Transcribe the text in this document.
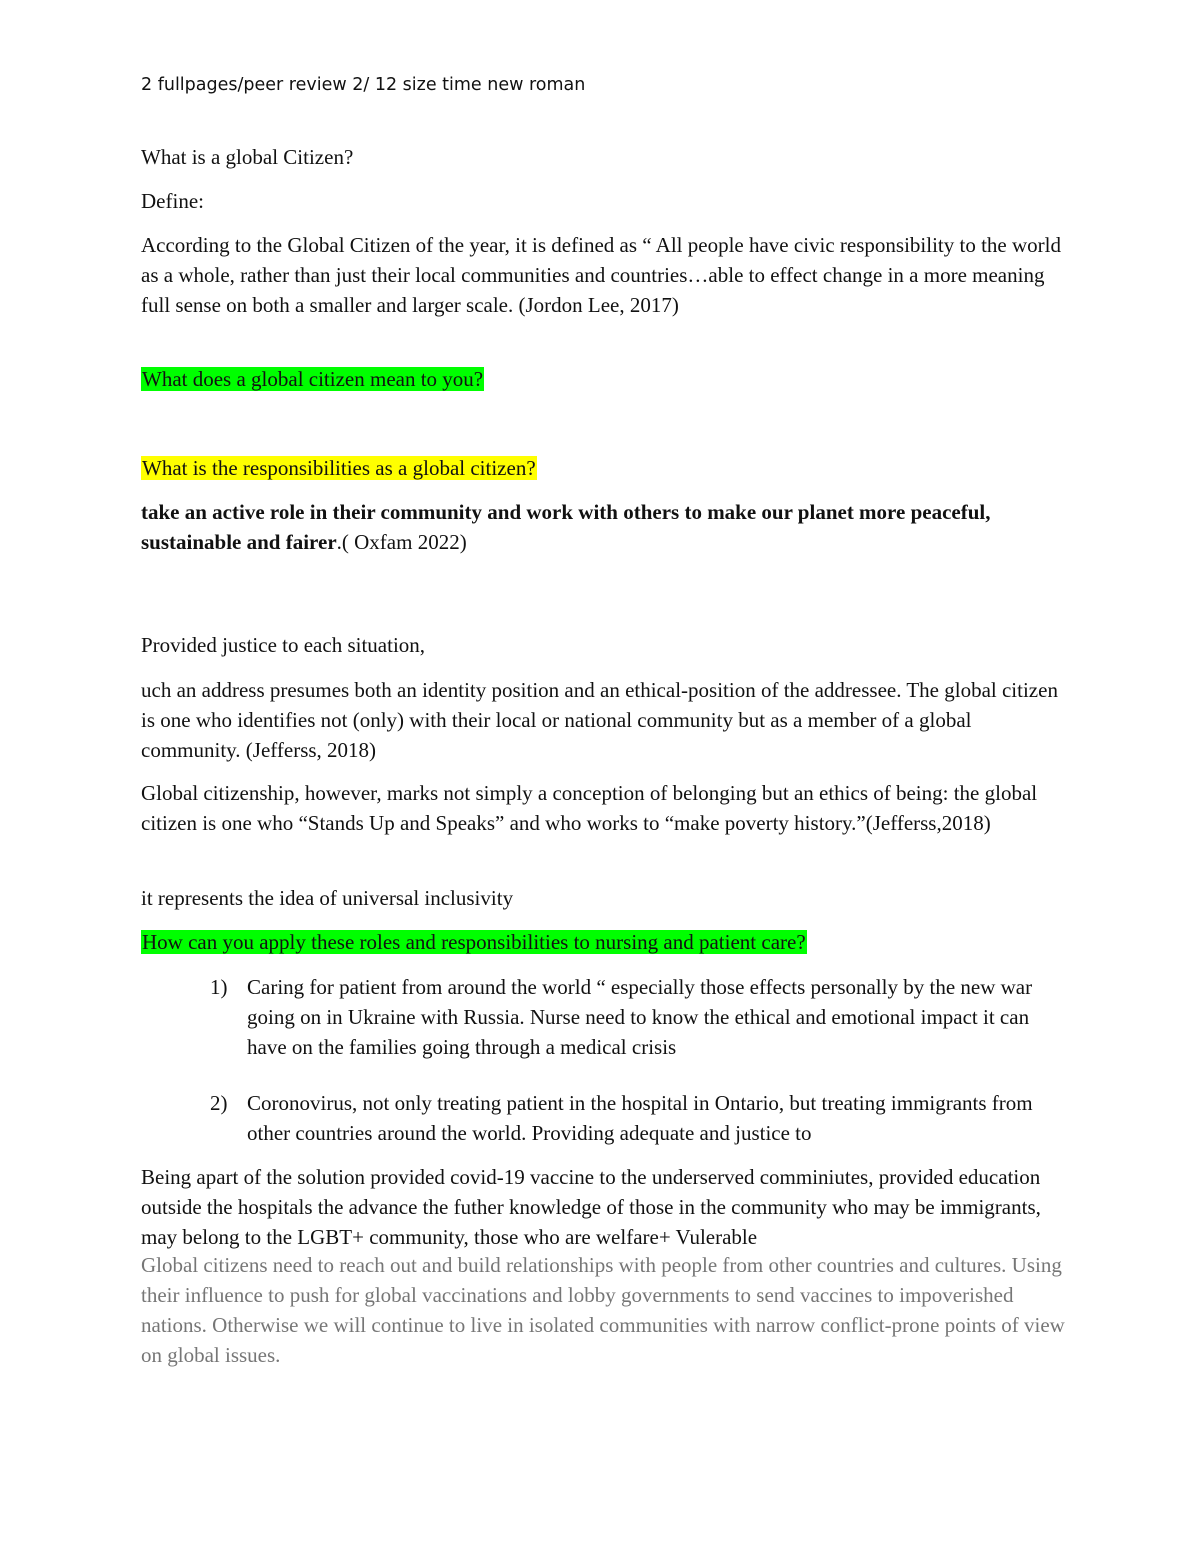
2 fullpages/peer review 2/ 12 size time new roman

What is a global Citizen?

Define:

According to the Global Citizen of the year, it is defined as “ All people have civic responsibility to the world as a whole, rather than just their local communities and countries…able to effect change in a more meaning full sense on both a smaller and larger scale. (Jordon Lee, 2017)

What does a global citizen mean to you?

What is the responsibilities as a global citizen?

take an active role in their community and work with others to make our planet more peaceful, sustainable and fairer.( Oxfam 2022)

Provided justice to each situation,

uch an address presumes both an identity position and an ethical-position of the addressee. The global citizen is one who identifies not (only) with their local or national community but as a member of a global community. (Jefferss, 2018)

Global citizenship, however, marks not simply a conception of belonging but an ethics of being: the global citizen is one who “Stands Up and Speaks” and who works to “make poverty history.”(Jefferss,2018)

it represents the idea of universal inclusivity

How can you apply these roles and responsibilities to nursing and patient care?

1) Caring for patient from around the world “ especially those effects personally by the new war going on in Ukraine with Russia. Nurse need to know the ethical and emotional impact it can have on the families going through a medical crisis
2) Coronovirus, not only treating patient in the hospital in Ontario, but treating immigrants from other countries around the world. Providing adequate and justice to

Being apart of the solution provided covid-19 vaccine to the underserved comminiutes, provided education outside the hospitals the advance the futher knowledge of those in the community who may be immigrants, may belong to the LGBT+ community, those who are welfare+ Vulerable

Global citizens need to reach out and build relationships with people from other countries and cultures. Using their influence to push for global vaccinations and lobby governments to send vaccines to impoverished nations. Otherwise we will continue to live in isolated communities with narrow conflict-prone points of view on global issues.
